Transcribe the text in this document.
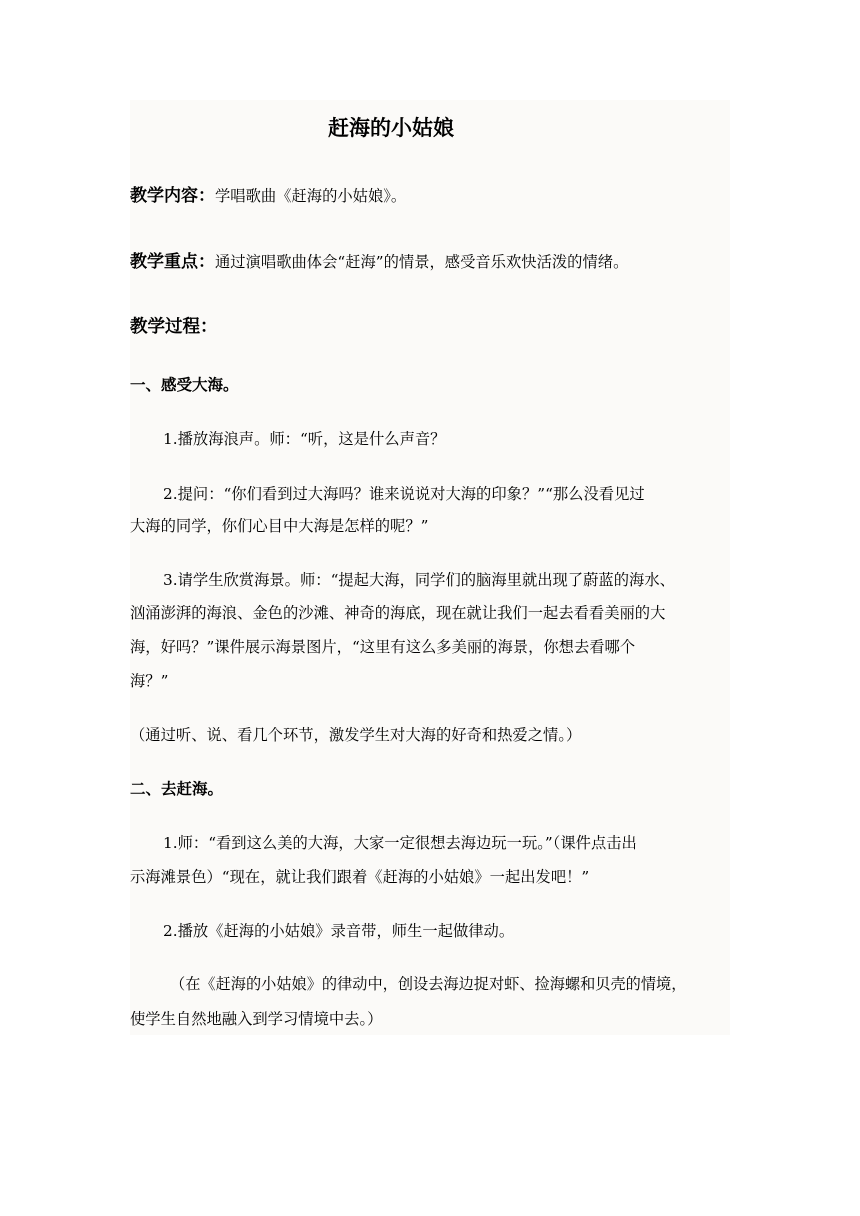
赶海的小姑娘

教学内容：学唱歌曲《赶海的小姑娘》。

教学重点：通过演唱歌曲体会“赶海”的情景，感受音乐欢快活泼的情绪。

教学过程：

一、感受大海。

1.播放海浪声。师：“听，这是什么声音？

2.提问：“你们看到过大海吗？谁来说说对大海的印象？”“那么没看见过

大海的同学，你们心目中大海是怎样的呢？”

3.请学生欣赏海景。师：“提起大海，同学们的脑海里就出现了蔚蓝的海水、

汹涌澎湃的海浪、金色的沙滩、神奇的海底，现在就让我们一起去看看美丽的大

海，好吗？”课件展示海景图片，“这里有这么多美丽的海景，你想去看哪个

海？”

（通过听、说、看几个环节，激发学生对大海的好奇和热爱之情。）

二、去赶海。

1.师：“看到这么美的大海，大家一定很想去海边玩一玩。”（课件点击出

示海滩景色）“现在，就让我们跟着《赶海的小姑娘》一起出发吧！”

2.播放《赶海的小姑娘》录音带，师生一起做律动。

（在《赶海的小姑娘》的律动中，创设去海边捉对虾、捡海螺和贝壳的情境，

使学生自然地融入到学习情境中去。）
